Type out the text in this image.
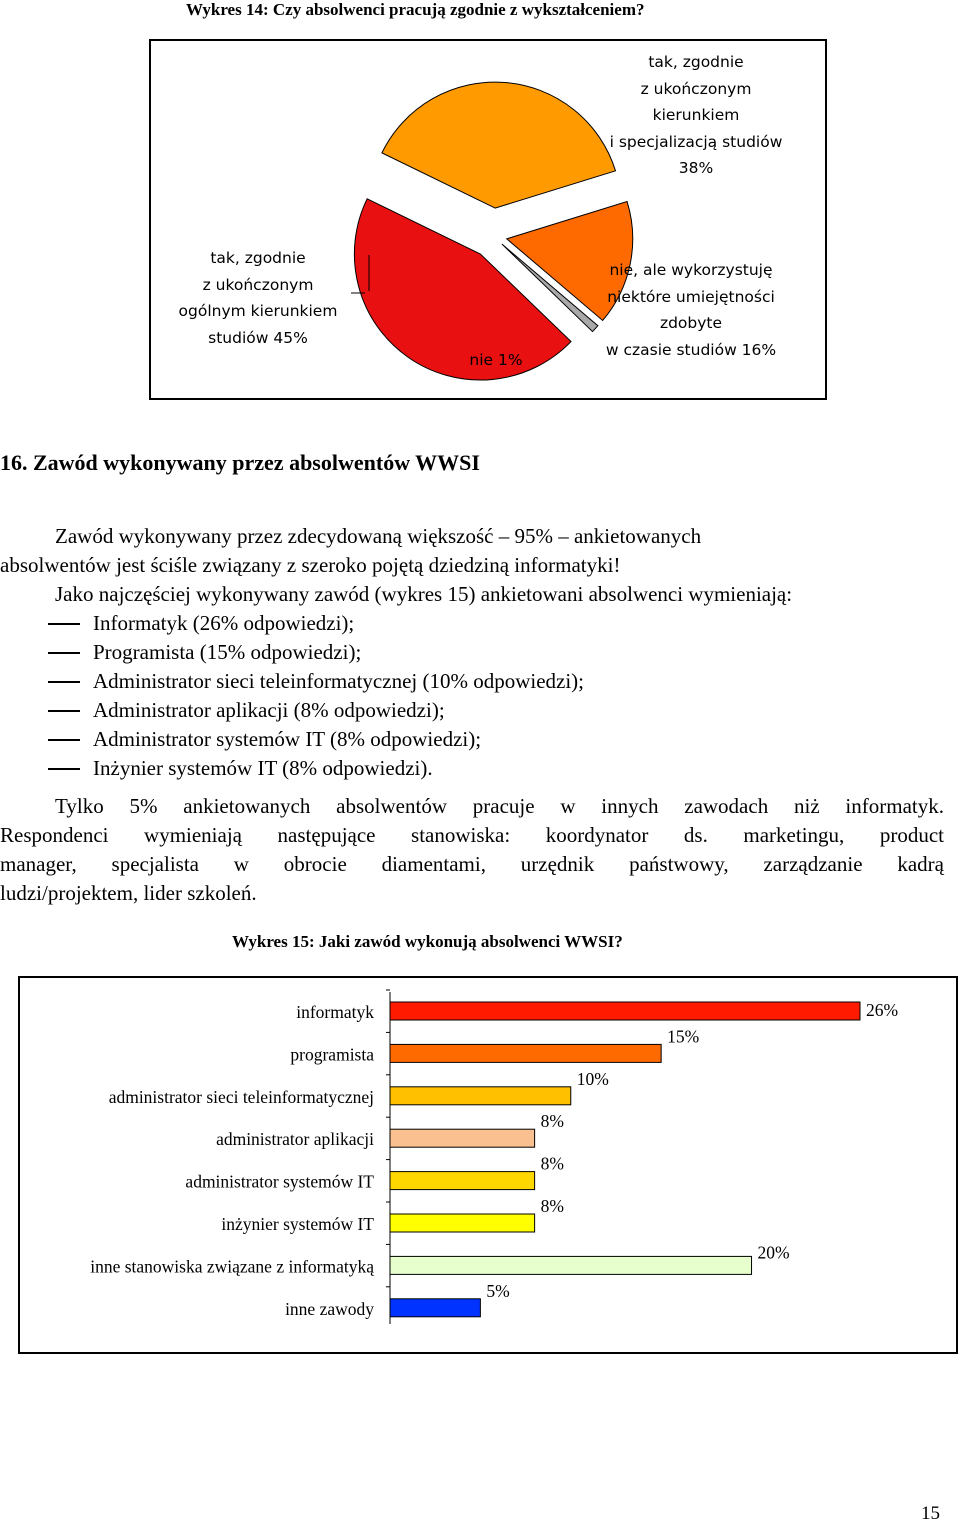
Wykres 14: Czy absolwenci pracują zgodnie z wykształceniem?
tak, zgodnie
z ukończonym
kierunkiem
i specjalizacją studiów
38%
tak, zgodnie
z ukończonym
ogólnym kierunkiem
studiów 45%
nie 1%
nie, ale wykorzystuję
niektóre umiejętności
zdobyte
w czasie studiów 16%
16. Zawód wykonywany przez absolwentów WWSI
Zawód wykonywany przez zdecydowaną większość – 95% – ankietowanych
absolwentów jest ściśle związany z szeroko pojętą dziedziną informatyki!
Jako najczęściej wykonywany zawód (wykres 15) ankietowani absolwenci wymieniają:
Informatyk (26% odpowiedzi);
Programista (15% odpowiedzi);
Administrator sieci teleinformatycznej (10% odpowiedzi);
Administrator aplikacji (8% odpowiedzi);
Administrator systemów IT (8% odpowiedzi);
Inżynier systemów IT (8% odpowiedzi).
Tylko 5% ankietowanych absolwentów pracuje w innych zawodach niż informatyk.
Respondenci wymieniają następujące stanowiska: koordynator ds. marketingu, product
manager, specjalista w obrocie diamentami, urzędnik państwowy, zarządzanie kadrą
ludzi/projektem, lider szkoleń.
Wykres 15: Jaki zawód wykonują absolwenci WWSI?
informatyk	26%
programista
15%
administrator sieci teleinformatycznej
10%
administrator aplikacji
8%
administrator systemów IT
8%
inżynier systemów IT
8%
inne stanowiska związane z informatyką
20%
inne zawody
5%
15
